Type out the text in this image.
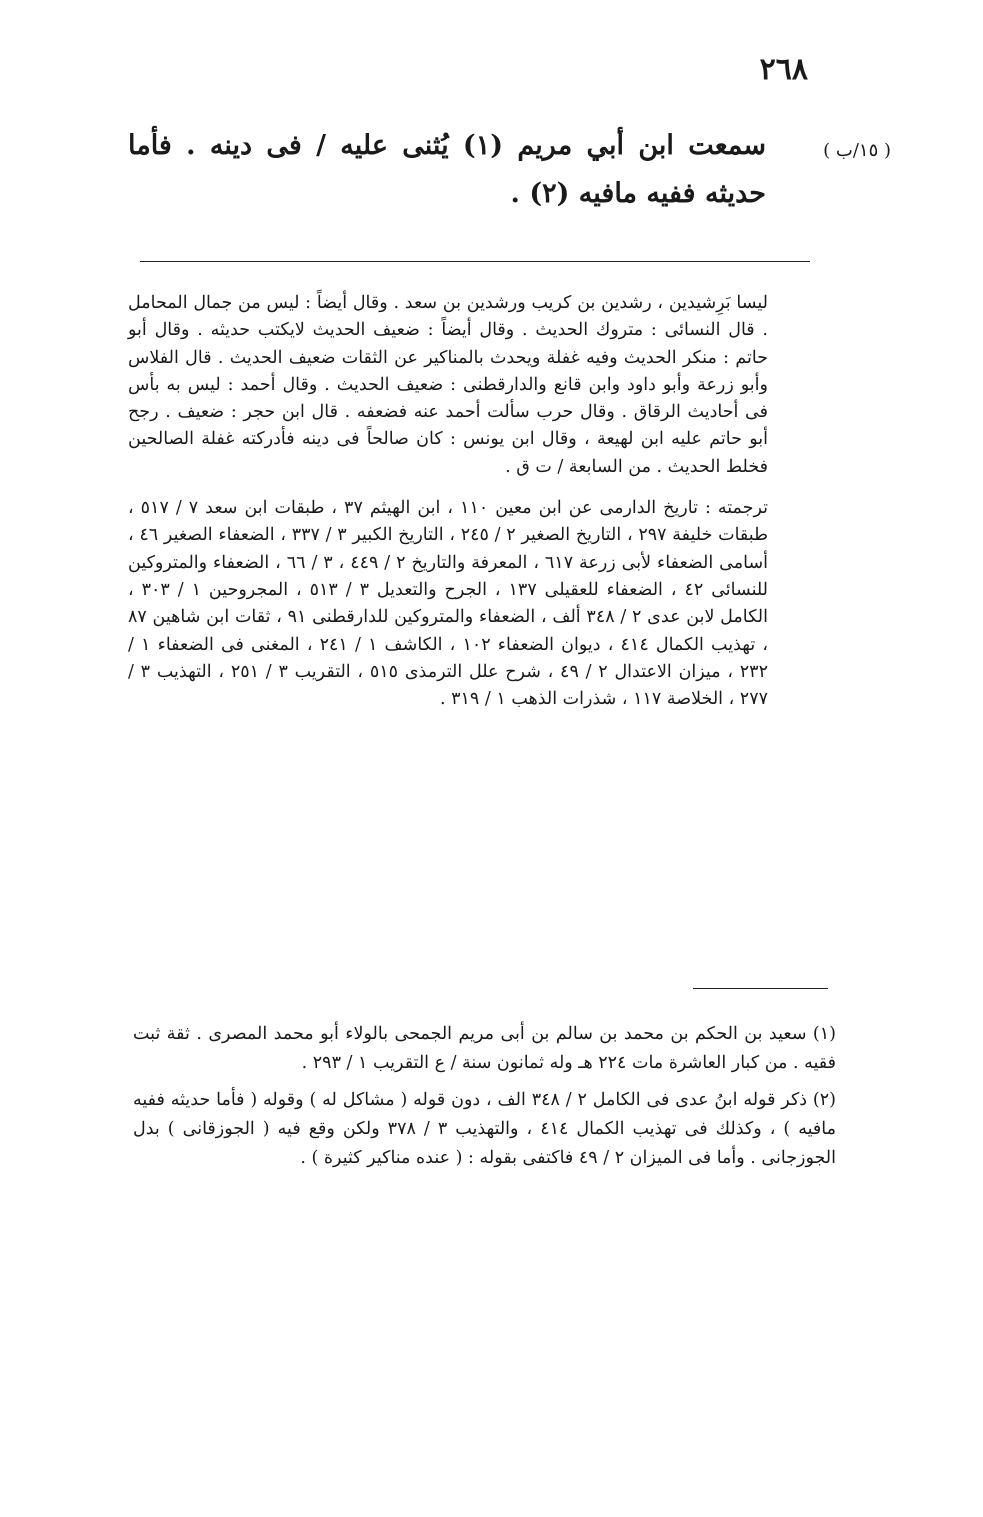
٢٦٨
( ١٥/ب )

سمعت ابن أبي مريم (١) يُثنى عليه / فى دينه . فأما حديثه ففيه مافيه (٢) .

ليسا بَرِشيدين ، رشدين بن كريب ورشدين بن سعد . وقال أيضاً : ليس من جمال المحامل . قال النسائى : متروك الحديث . وقال أيضاً : ضعيف الحديث لايكتب حديثه . وقال أبو حاتم : منكر الحديث وفيه غفلة ويحدث بالمناكير عن الثقات ضعيف الحديث . قال الفلاس وأبو زرعة وأبو داود وابن قانع والدارقطنى : ضعيف الحديث . وقال أحمد : ليس به بأس فى أحاديث الرقاق . وقال حرب سألت أحمد عنه فضعفه . قال ابن حجر : ضعيف . رجح أبو حاتم عليه ابن لهيعة ، وقال ابن يونس : كان صالحاً فى دينه فأدركته غفلة الصالحين فخلط الحديث . من السابعة / ت ق .

ترجمته : تاريخ الدارمى عن ابن معين ١١٠ ، ابن الهيثم ٣٧ ، طبقات ابن سعد ٧ / ٥١٧ ، طبقات خليفة ٢٩٧ ، التاريخ الصغير ٢ / ٢٤٥ ، التاريخ الكبير ٣ / ٣٣٧ ، الضعفاء الصغير ٤٦ ، أسامى الضعفاء لأبى زرعة ٦١٧ ، المعرفة والتاريخ ٢ / ٤٤٩ ، ٣ / ٦٦ ، الضعفاء والمتروكين للنسائى ٤٢ ، الضعفاء للعقيلى ١٣٧ ، الجرح والتعديل ٣ / ٥١٣ ، المجروحين ١ / ٣٠٣ ، الكامل لابن عدى ٢ / ٣٤٨ ألف ، الضعفاء والمتروكين للدارقطنى ٩١ ، ثقات ابن شاهين ٨٧ ، تهذيب الكمال ٤١٤ ، ديوان الضعفاء ١٠٢ ، الكاشف ١ / ٢٤١ ، المغنى فى الضعفاء ١ / ٢٣٢ ، ميزان الاعتدال ٢ / ٤٩ ، شرح علل الترمذى ٥١٥ ، التقريب ٣ / ٢٥١ ، التهذيب ٣ / ٢٧٧ ، الخلاصة ١١٧ ، شذرات الذهب ١ / ٣١٩ .

(١) سعيد بن الحكم بن محمد بن سالم بن أبى مريم الجمحى بالولاء أبو محمد المصرى . ثقة ثبت فقيه . من كبار العاشرة مات ٢٢٤ هـ وله ثمانون سنة / ع التقريب ١ / ٢٩٣ .

(٢) ذكر قوله ابنُ عدى فى الكامل ٢ / ٣٤٨ الف ، دون قوله ( مشاكل له ) وقوله ( فأما حديثه ففيه مافيه ) ، وكذلك فى تهذيب الكمال ٤١٤ ، والتهذيب ٣ / ٣٧٨ ولكن وقع فيه ( الجوزقانى ) بدل الجوزجانى . وأما فى الميزان ٢ / ٤٩ فاكتفى بقوله : ( عنده مناكير كثيرة ) .
